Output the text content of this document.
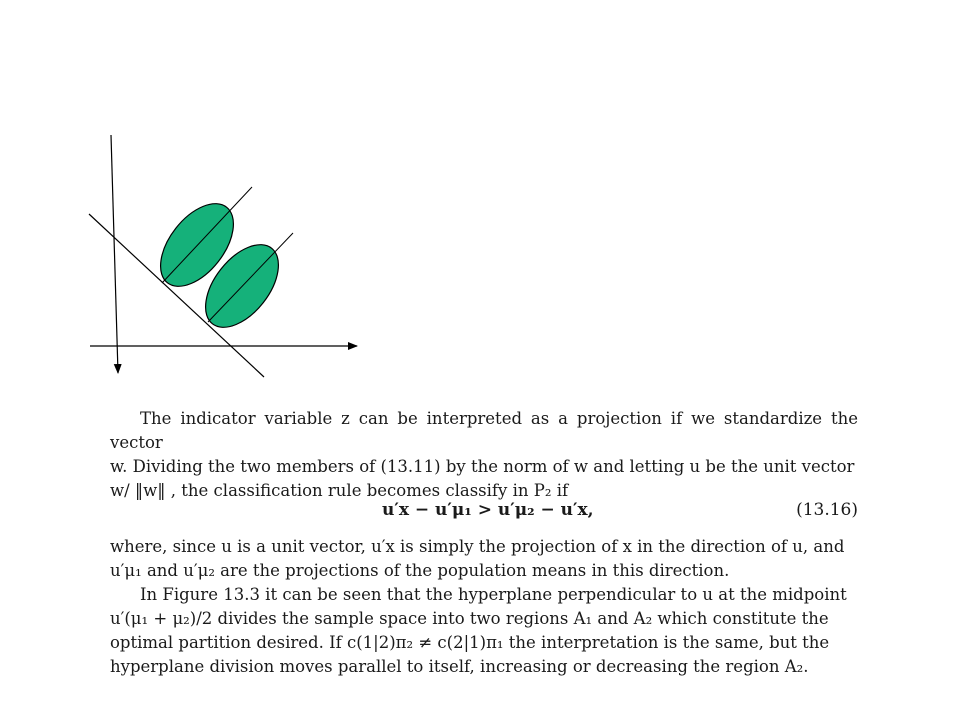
The indicator variable z can be interpreted as a projection if we standardize the vector
w. Dividing the two members of (13.11) by the norm of w and letting u be the unit vector
w/ ‖w‖ , the classification rule becomes classify in P₂ if
u′x − u′μ₁ > u′μ₂ − u′x,	(13.16)
where, since u is a unit vector, u′x is simply the projection of x in the direction of u, and
u′μ₁ and u′μ₂ are the projections of the population means in this direction.
In Figure 13.3 it can be seen that the hyperplane perpendicular to u at the midpoint
u′(μ₁ + μ₂)/2 divides the sample space into two regions A₁ and A₂ which constitute the
optimal partition desired. If c(1|2)π₂ ≠ c(2|1)π₁ the interpretation is the same, but the
hyperplane division moves parallel to itself, increasing or decreasing the region A₂.
